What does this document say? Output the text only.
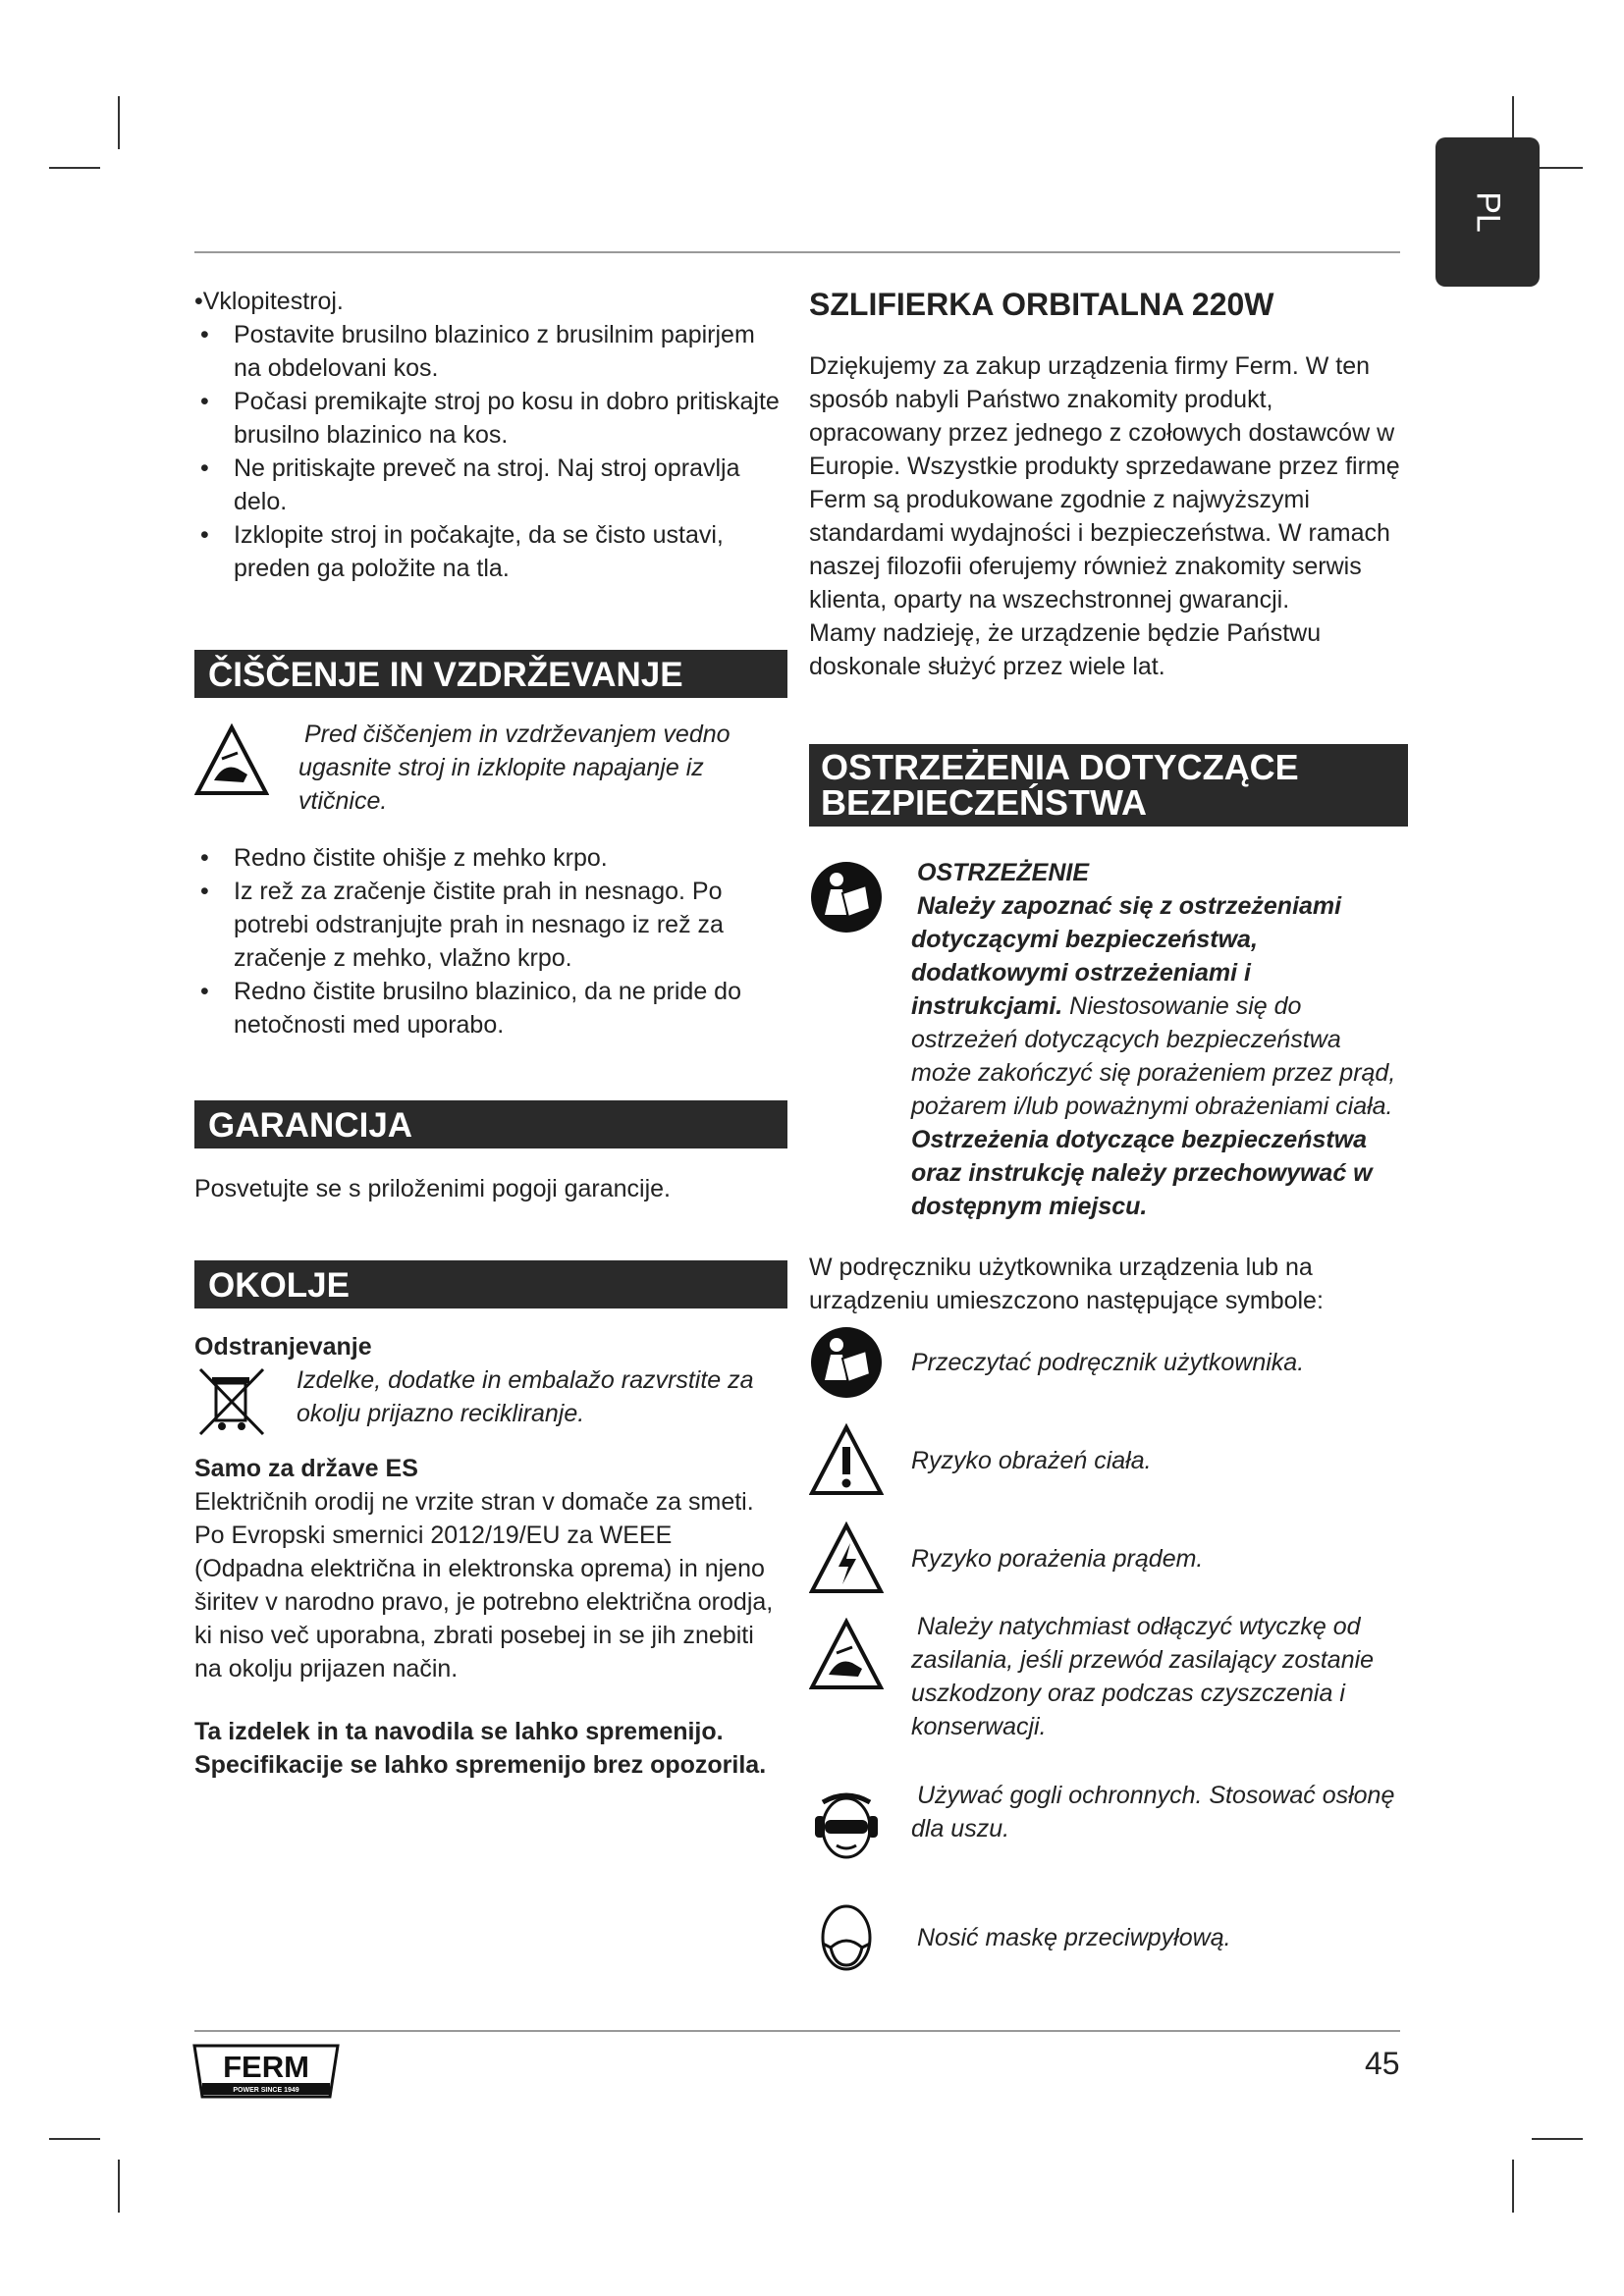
PL
•Vklopitestroj.
• Postavite brusilno blazinico z brusilnim papirjem na obdelovani kos.
• Počasi premikajte stroj po kosu in dobro pritiskajte brusilno blazinico na kos.
• Ne pritiskajte preveč na stroj. Naj stroj opravlja delo.
• Izklopite stroj in počakajte, da se čisto ustavi, preden ga položite na tla.
ČIŠČENJE IN VZDRŽEVANJE

Pred čiščenjem in vzdrževanjem vedno ugasnite stroj in izklopite napajanje iz vtičnice.

• Redno čistite ohišje z mehko krpo.
• Iz rež za zračenje čistite prah in nesnago. Po potrebi odstranjujte prah in nesnago iz rež za zračenje z mehko, vlažno krpo.
• Redno čistite brusilno blazinico, da ne pride do netočnosti med uporabo.
GARANCIJA

Posvetujte se s priloženimi pogoji garancije.

OKOLJE

Odstranjevanje

Izdelke, dodatke in embalažo razvrstite za okolju prijazno recikliranje.

Samo za države ES

Električnih orodij ne vrzite stran v domače za smeti. Po Evropski smernici 2012/19/EU za WEEE (Odpadna električna in elektronska oprema) in njeno širitev v narodno pravo, je potrebno električna orodja, ki niso več uporabna, zbrati posebej in se jih znebiti na okolju prijazen način.

Ta izdelek in ta navodila se lahko spremenijo. Specifikacije se lahko spremenijo brez opozorila.

SZLIFIERKA ORBITALNA 220W

Dziękujemy za zakup urządzenia firmy Ferm. W ten sposób nabyli Państwo znakomity produkt, opracowany przez jednego z czołowych dostawców w Europie. Wszystkie produkty sprzedawane przez firmę Ferm są produkowane zgodnie z najwyższymi standardami wydajności i bezpieczeństwa. W ramach naszej filozofii oferujemy również znakomity serwis klienta, oparty na wszechstronnej gwarancji.

Mamy nadzieję, że urządzenie będzie Państwu doskonale służyć przez wiele lat.

OSTRZEŻENIA DOTYCZĄCE
BEZPIECZEŃSTWA

OSTRZEŻENIE

Należy zapoznać się z ostrzeżeniami dotyczącymi bezpieczeństwa, dodatkowymi ostrzeżeniami i instrukcjami. Niestosowanie się do ostrzeżeń dotyczących bezpieczeństwa może zakończyć się porażeniem przez prąd, pożarem i/lub poważnymi obrażeniami ciała. Ostrzeżenia dotyczące bezpieczeństwa oraz instrukcję należy przechowywać w dostępnym miejscu.

W podręczniku użytkownika urządzenia lub na urządzeniu umieszczono następujące symbole:

Przeczytać podręcznik użytkownika.

Ryzyko obrażeń ciała.

Ryzyko porażenia prądem.

Należy natychmiast odłączyć wtyczkę od zasilania, jeśli przewód zasilający zostanie uszkodzony oraz podczas czyszczenia i konserwacji.

Używać gogli ochronnych. Stosować osłonę dla uszu.

Nosić maskę przeciwpyłową.

FERM
POWER SINCE 1949
45
